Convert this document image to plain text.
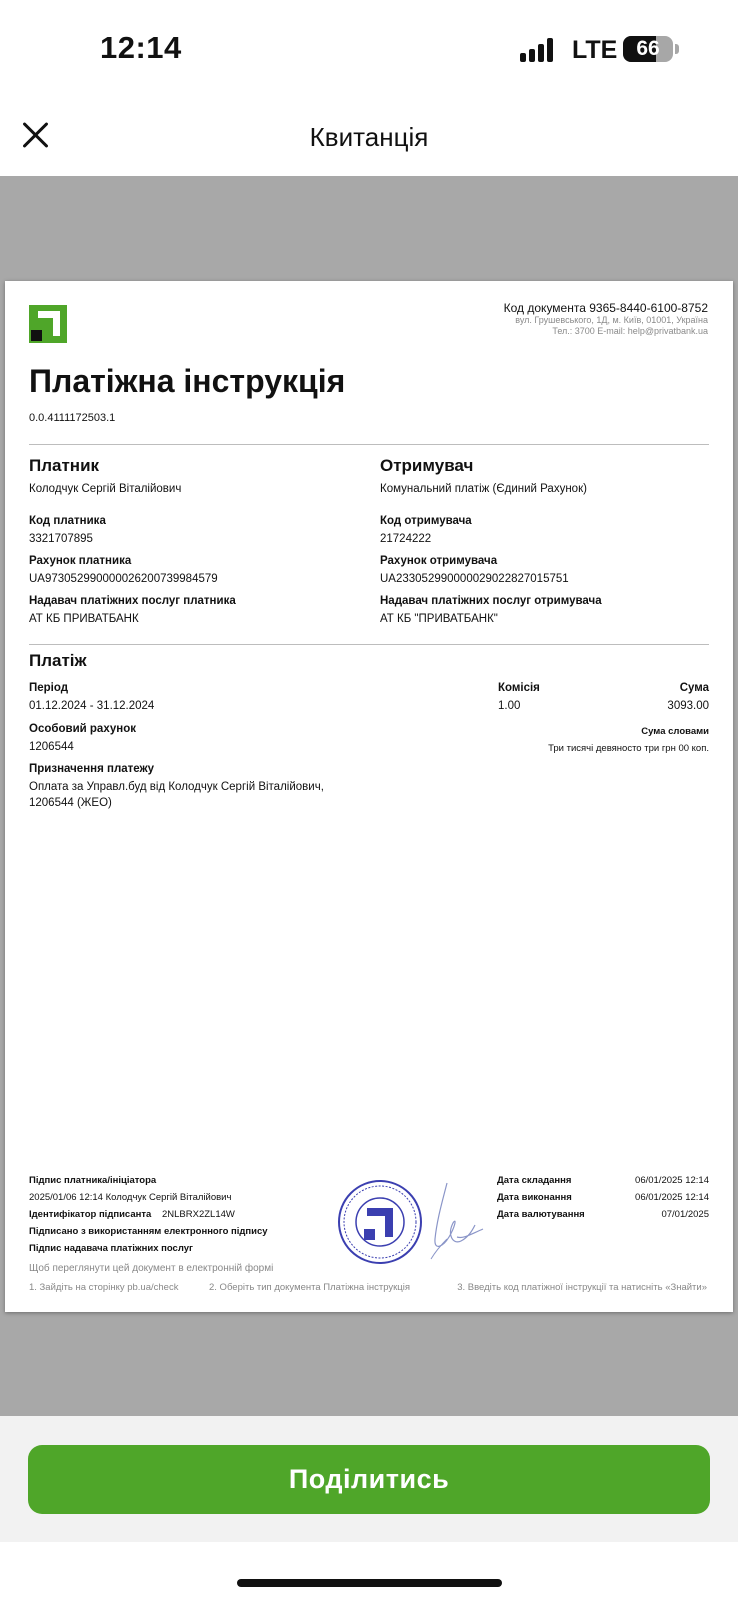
12:14	LTE 66
Квитанція
Код документа 9365-8440-6100-8752
вул. Грушевського, 1Д, м. Київ, 01001, Україна
Тел.: 3700 E-mail: help@privatbank.ua
Платіжна інструкція
0.0.4111172503.1
Платник
Колодчук Сергій Віталійович
Код платника
3321707895
Рахунок платника
UA973052990000026200739984579
Надавач платіжних послуг платника
АТ КБ ПРИВАТБАНК
Отримувач
Комунальний платіж (Єдиний Рахунок)
Код отримувача
21724222
Рахунок отримувача
UA233052990000029022827015751
Надавач платіжних послуг отримувача
АТ КБ "ПРИВАТБАНК"
Платіж
Період
01.12.2024 - 31.12.2024
Комісія
1.00
Сума
3093.00
Особовий рахунок
1206544
Сума словами
Три тисячі девяносто три грн 00 коп.
Призначення платежу
Оплата за Управл.буд від Колодчук Сергій Віталійович,
1206544 (ЖЕО)
Підпис платника/ініціатора
2025/01/06 12:14 Колодчук Сергій Віталійович
Ідентифікатор підписанта 2NLBRX2ZL14W
Підписано з використанням електронного підпису
Підпис надавача платіжних послуг
Дата складання	06/01/2025 12:14
Дата виконання	06/01/2025 12:14
Дата валютування	07/01/2025
Щоб переглянути цей документ в електронній формі
1. Зайдіть на сторінку pb.ua/check	2. Оберіть тип документа Платіжна інструкція	3. Введіть код платіжної інструкції та натисніть «Знайти»
Поділитись
